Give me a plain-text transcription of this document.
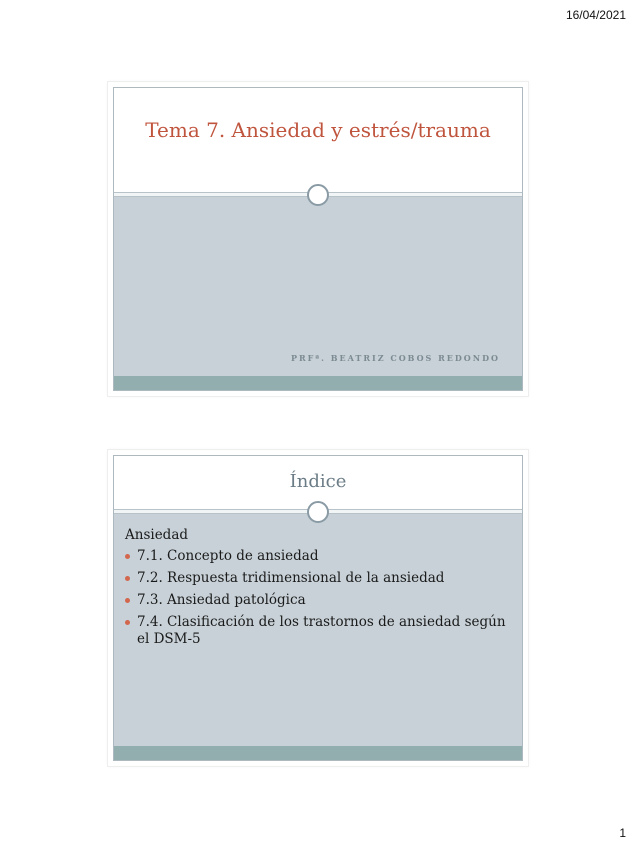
16/04/2021
Tema 7. Ansiedad y estrés/trauma
PRFª. BEATRIZ COBOS REDONDO
Índice

Ansiedad

7.1. Concepto de ansiedad
7.2. Respuesta tridimensional de la ansiedad
7.3. Ansiedad patológica
7.4. Clasificación de los trastornos de ansiedad según el DSM-5
1
